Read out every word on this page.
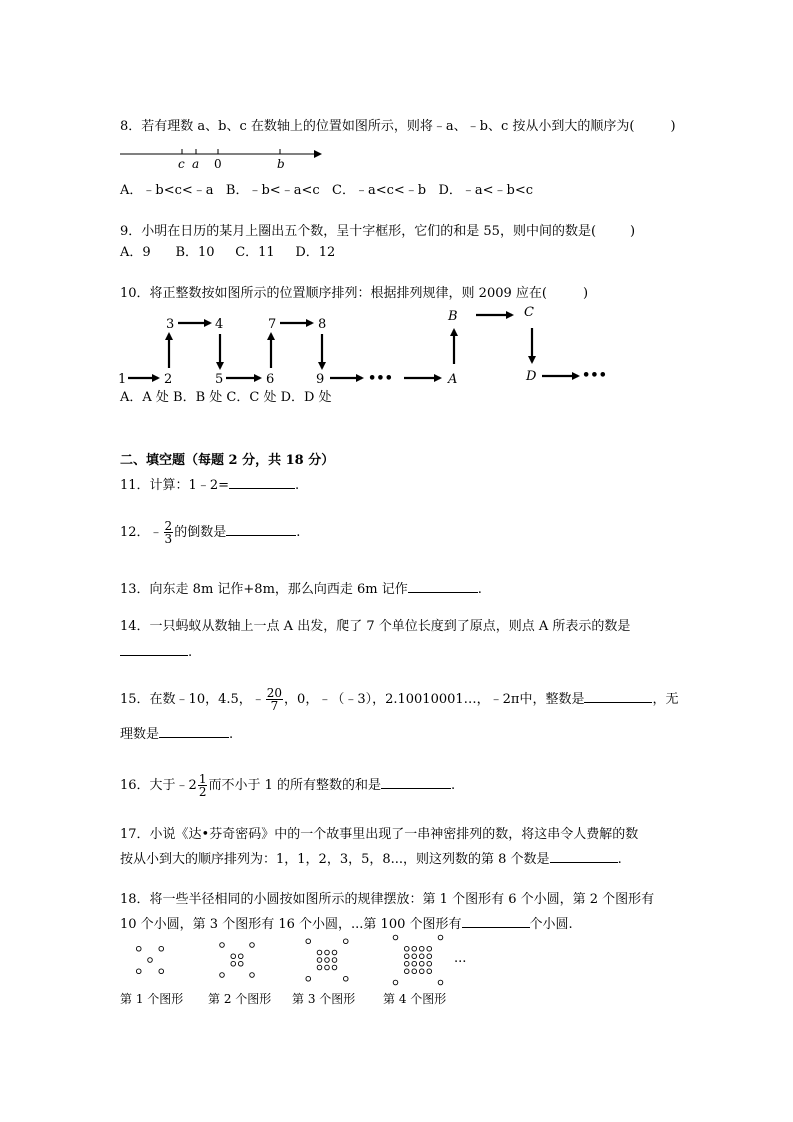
8．若有理数 a、b、c 在数轴上的位置如图所示，则将﹣a、﹣b、c 按从小到大的顺序为(	)
c a 0	b
A．﹣b<c<﹣a   B．﹣b<﹣a<c   C．﹣a<c<﹣b   D．﹣a<﹣b<c
9．小明在日历的某月上圈出五个数，呈十字框形，它们的和是 55，则中间的数是(	)
A．9      B．10     C．11     D．12
10．将正整数按如图所示的位置顺序排列：根据排列规律，则 2009 应在(	)
1	2
3	4
5	6
7	8
9	A
B	C
D
•••	•••
A．A 处 B．B 处 C．C 处 D．D 处
二、填空题（每题 2 分，共 18 分）
11．计算：1﹣2=	.
12．﹣ $\frac{2}{3}$ 的倒数是	.
13．向东走 8m 记作+8m，那么向西走 6m 记作	.
14．一只蚂蚁从数轴上一点 A 出发，爬了 7 个单位长度到了原点，则点 A 所表示的数是
.
15．在数﹣10，4.5，﹣ $\frac{20}{7}$ ，0，﹣（﹣3），2.10010001…，﹣2π中，整数是	，无
理数是	.
16．大于﹣2 $\frac{1}{2}$ 而不小于 1 的所有整数的和是	.
17．小说《达•芬奇密码》中的一个故事里出现了一串神密排列的数，将这串令人费解的数
按从小到大的顺序排列为：1，1，2，3，5，8...，则这列数的第 8 个数是	.
18．将一些半径相同的小圆按如图所示的规律摆放：第 1 个图形有 6 个小圆，第 2 个图形有
10 个小圆，第 3 个图形有 16 个小圆，...第 100 个图形有	个小圆.
...
第 1 个图形 第 2 个图形 第 3 个图形 第 4 个图形
